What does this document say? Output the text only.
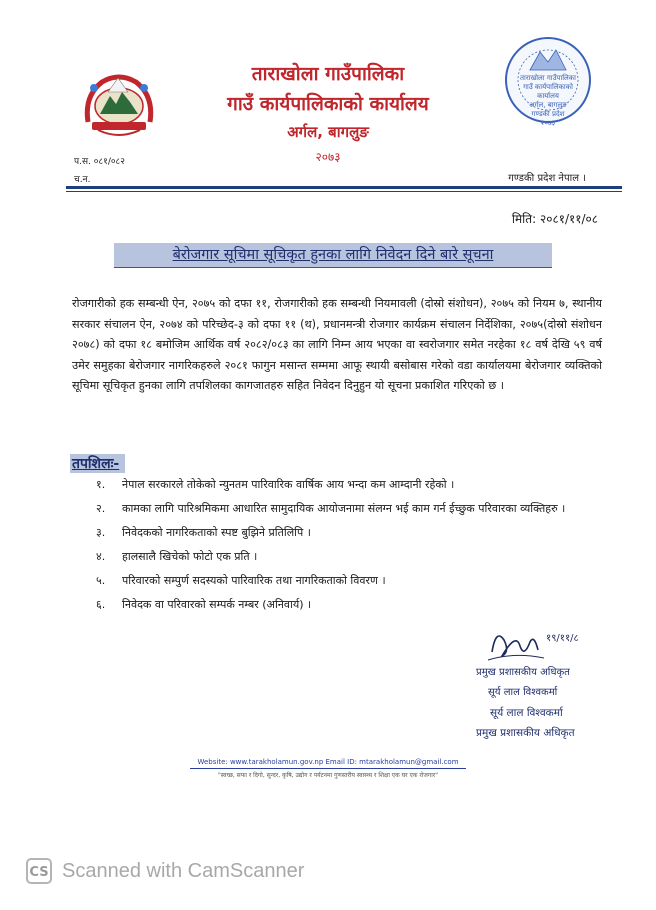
ताराखोला गाउँपालिका
गाउँ कार्यपालिकाको कार्यालय
अर्गल, बागलुङ
२०७३
ताराखोला गाउँपालिका
गाउँ कार्यपालिकाको कार्यालय
अर्गल, बागलुङ
गण्डकी प्रदेश
२०७३
प.स. ०८१/०८२
च.न.	गण्डकी प्रदेश नेपाल ।
मिति: २०८१/११/०८
बेरोजगार सूचिमा सूचिकृत हुनका लागि निवेदन दिने बारे सूचना
रोजगारीको हक सम्बन्धी ऐन, २०७५ को दफा ११, रोजगारीको हक सम्बन्धी नियमावली (दोस्रो संशोधन), २०७५ को नियम ७, स्थानीय सरकार संचालन ऐन, २०७४ को परिच्छेद-३ को दफा ११ (थ), प्रधानमन्त्री रोजगार कार्यक्रम संचालन निर्देशिका, २०७५(दोस्रो संशोधन २०७८) को दफा १८ बमोजिम आर्थिक वर्ष २०८२/०८३ का लागि निम्न आय भएका वा स्वरोजगार समेत नरहेका १८ वर्ष देखि ५९ वर्ष उमेर समुहका बेरोजगार नागरिकहरुले २०८१ फागुन मसान्त सम्ममा आफू स्थायी बसोबास गरेको वडा कार्यालयमा बेरोजगार व्यक्तिको सूचिमा सूचिकृत हुनका लागि तपशिलका कागजातहरु सहित निवेदन दिनुहुन यो सूचना प्रकाशित गरिएको छ ।
तपशिलः-
१.	नेपाल सरकारले तोकेको न्युनतम पारिवारिक वार्षिक आय भन्दा कम आम्दानी रहेको ।
२.	कामका लागि पारिश्रमिकमा आधारित सामुदायिक आयोजनामा संलग्न भई काम गर्न ईच्छुक परिवारका व्यक्तिहरु ।
३.	निवेदकको नागरिकताको स्पष्ट बुझिने प्रतिलिपि ।
४.	हालसालै खिचेको फोटो एक प्रति ।
५.	परिवारको सम्पुर्ण सदस्यको पारिवारिक तथा नागरिकताको विवरण ।
६.	निवेदक वा परिवारको सम्पर्क नम्बर (अनिवार्य) ।
१९/११/८
प्रमुख प्रशासकीय अधिकृत
सूर्य लाल विश्वकर्मा
सूर्य लाल विश्वकर्मा
प्रमुख प्रशासकीय अधिकृत
Website: www.tarakholamun.gov.np Email ID: mtarakholamun@gmail.com
"स्वच्छ, सफा र दिगो, सुन्दर, कृषि, उद्योग र पर्यटनमा गुणस्तरीय स्वास्थ्य र शिक्षा एक घर एक रोजगार"
CS Scanned with CamScanner
